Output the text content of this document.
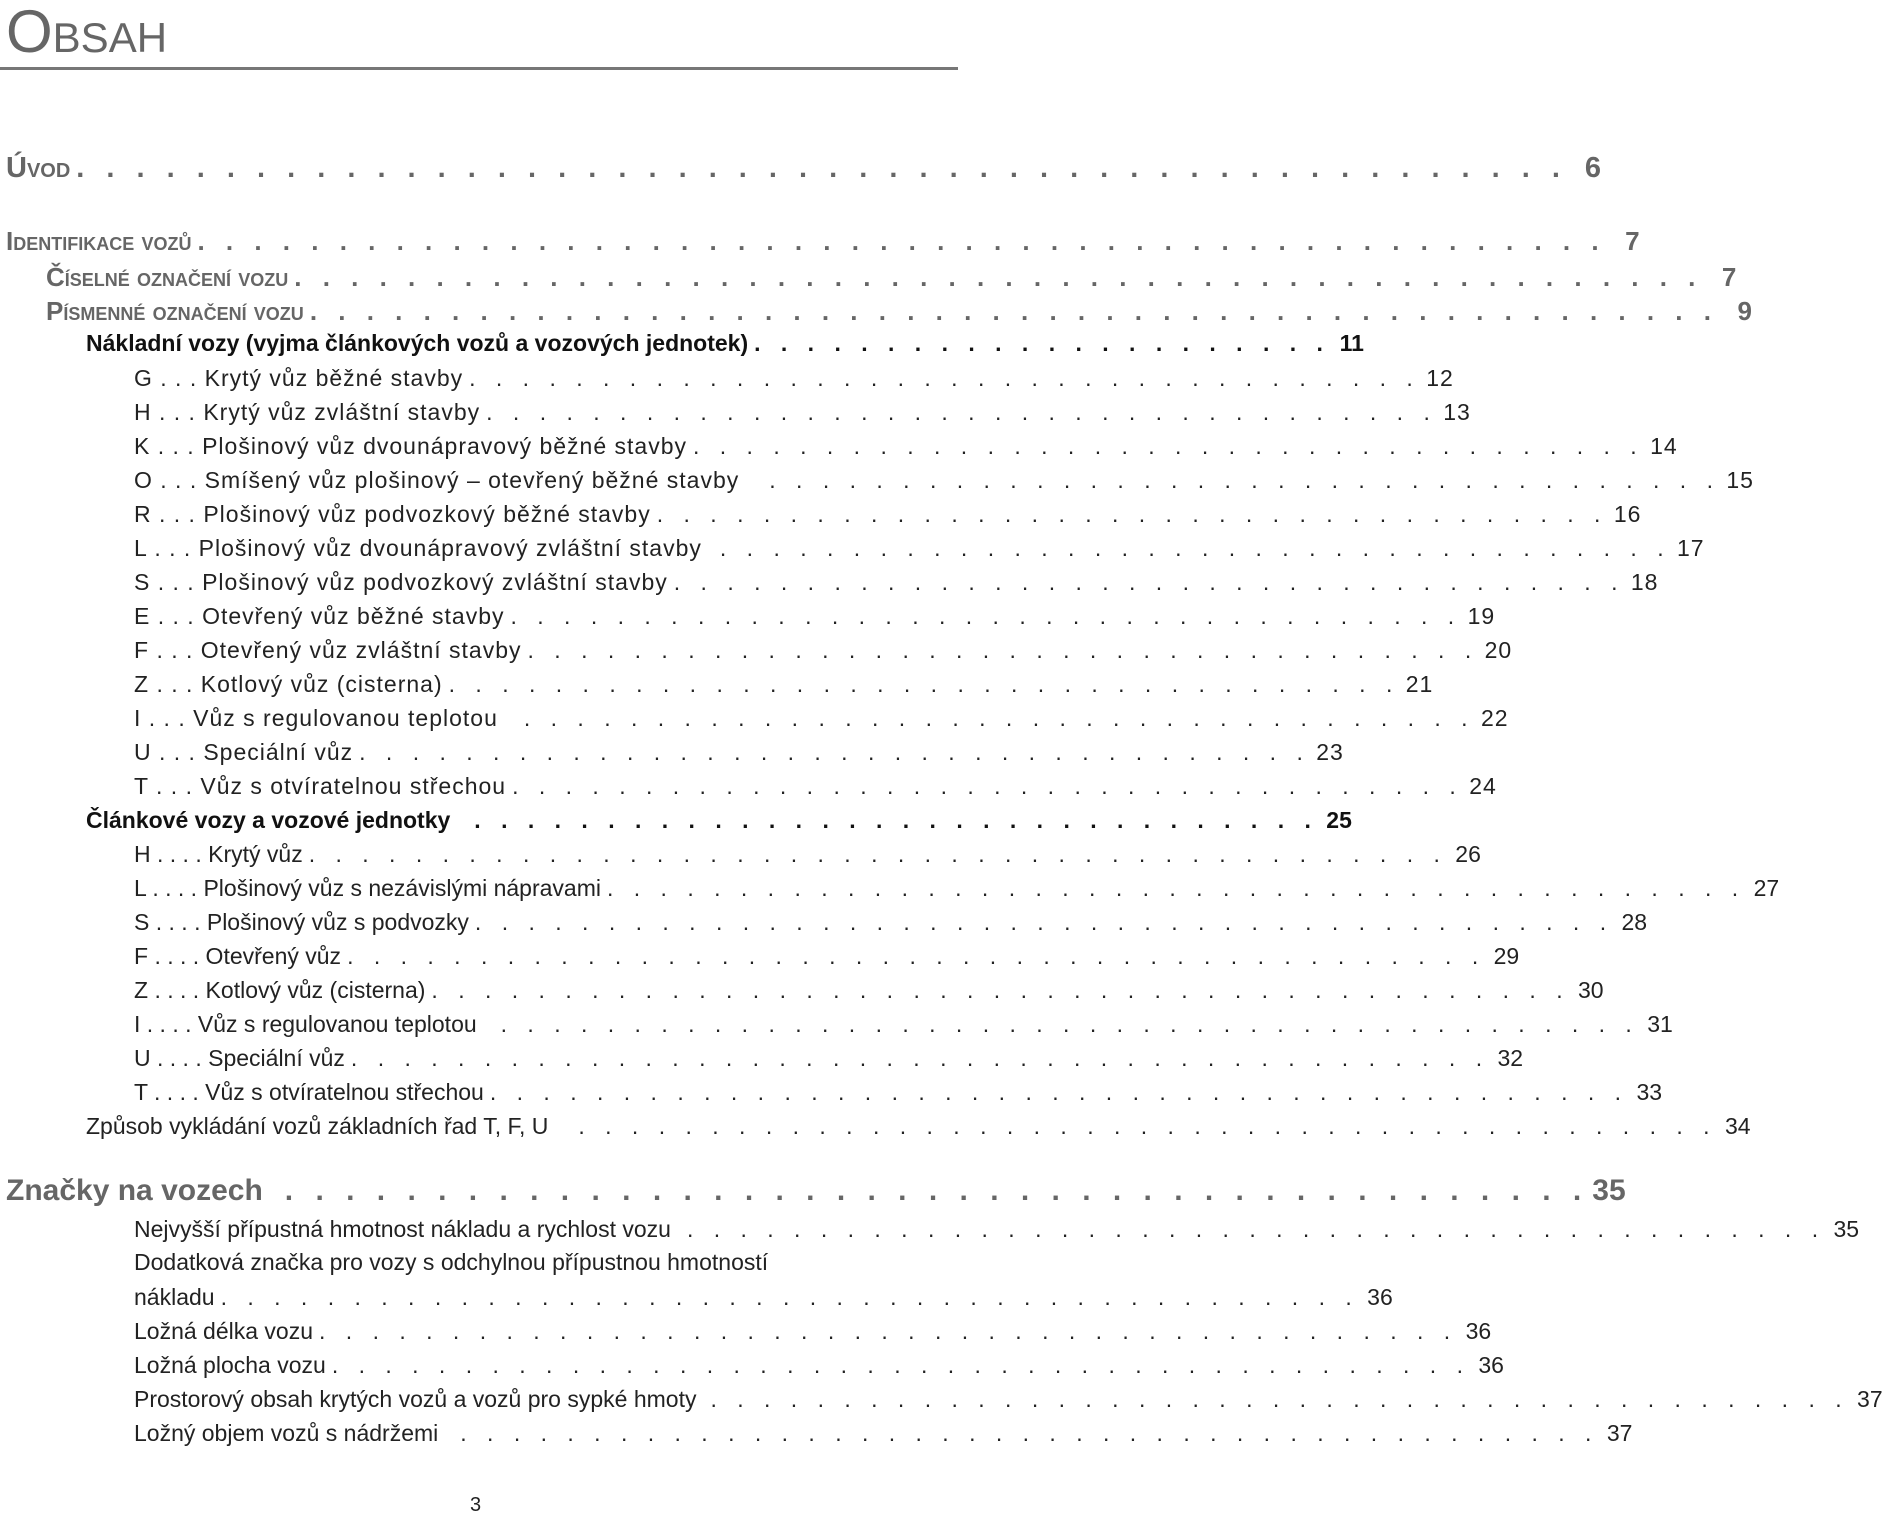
Obsah
Úvod . . . . . . . . . . . . . . . . . . . . . . . . . . . . . . . . . . . . . . . . . . . . . . . . . . 6
Identifikace vozů . . . . . . . . . . . . . . . . . . . . . . . . . . . . . . . . . . . . . . . . . . . . . . . . . . 7
Číselné označení vozu . . . . . . . . . . . . . . . . . . . . . . . . . . . . . . . . . . . . . . . . . . . . . . . . . . 7
Písmenné označení vozu . . . . . . . . . . . . . . . . . . . . . . . . . . . . . . . . . . . . . . . . . . . . . . . . . . 9
Nákladní vozy (vyjma článkových vozů a vozových jednotek) . . . . . . . . . . . . . . . . . . . . . . 11
G . . . Krytý vůz běžné stavby . . . . . . . . . . . . . . . . . . . . . . . . . . . . . . . . . . . . 12
H . . . Krytý vůz zvláštní stavby . . . . . . . . . . . . . . . . . . . . . . . . . . . . . . . . . . . . 13
K . . . Plošinový vůz dvounápravový běžné stavby . . . . . . . . . . . . . . . . . . . . . . . . . . . . . . . . . . . . 14
O . . . Smíšený vůz plošinový – otevřený běžné stavby	. . . . . . . . . . . . . . . . . . . . . . . . . . . . . . . . . . . . 15
R . . . Plošinový vůz podvozkový běžné stavby . . . . . . . . . . . . . . . . . . . . . . . . . . . . . . . . . . . . 16
L . . . Plošinový vůz dvounápravový zvláštní stavby . . . . . . . . . . . . . . . . . . . . . . . . . . . . . . . . . . . . 17
S . . . Plošinový vůz podvozkový zvláštní stavby . . . . . . . . . . . . . . . . . . . . . . . . . . . . . . . . . . . . 18
E . . . Otevřený vůz běžné stavby . . . . . . . . . . . . . . . . . . . . . . . . . . . . . . . . . . . . 19
F . . . Otevřený vůz zvláštní stavby . . . . . . . . . . . . . . . . . . . . . . . . . . . . . . . . . . . . 20
Z . . . Kotlový vůz (cisterna) . . . . . . . . . . . . . . . . . . . . . . . . . . . . . . . . . . . . 21
I . . . Vůz s regulovanou teplotou	. . . . . . . . . . . . . . . . . . . . . . . . . . . . . . . . . . . . 22
U . . . Speciální vůz . . . . . . . . . . . . . . . . . . . . . . . . . . . . . . . . . . . . 23
T . . . Vůz s otvíratelnou střechou . . . . . . . . . . . . . . . . . . . . . . . . . . . . . . . . . . . . 24
Článkové vozy a vozové jednotky	. . . . . . . . . . . . . . . . . . . . . . . . . . . . . . . . 25
H . . . . Krytý vůz . . . . . . . . . . . . . . . . . . . . . . . . . . . . . . . . . . . . . . . . . . . 26
L . . . . Plošinový vůz s nezávislými nápravami . . . . . . . . . . . . . . . . . . . . . . . . . . . . . . . . . . . . . . . . . . . 27
S . . . . Plošinový vůz s podvozky . . . . . . . . . . . . . . . . . . . . . . . . . . . . . . . . . . . . . . . . . . . 28
F . . . . Otevřený vůz . . . . . . . . . . . . . . . . . . . . . . . . . . . . . . . . . . . . . . . . . . . 29
Z . . . . Kotlový vůz (cisterna) . . . . . . . . . . . . . . . . . . . . . . . . . . . . . . . . . . . . . . . . . . . 30
I . . . . Vůz s regulovanou teplotou	. . . . . . . . . . . . . . . . . . . . . . . . . . . . . . . . . . . . . . . . . . . 31
U . . . . Speciální vůz . . . . . . . . . . . . . . . . . . . . . . . . . . . . . . . . . . . . . . . . . . . 32
T . . . . Vůz s otvíratelnou střechou . . . . . . . . . . . . . . . . . . . . . . . . . . . . . . . . . . . . . . . . . . . 33
Způsob vykládání vozů základních řad T, F, U	. . . . . . . . . . . . . . . . . . . . . . . . . . . . . . . . . . . . . . . . . . . 34
Značky na vozech . . . . . . . . . . . . . . . . . . . . . . . . . . . . . . . . . . . . . . . . . . . 35
Nejvyšší přípustná hmotnost nákladu a rychlost vozu . . . . . . . . . . . . . . . . . . . . . . . . . . . . . . . . . . . . . . . . . . . 35
Dodatková značka pro vozy s odchylnou přípustnou hmotností
nákladu . . . . . . . . . . . . . . . . . . . . . . . . . . . . . . . . . . . . . . . . . . . 36
Ložná délka vozu . . . . . . . . . . . . . . . . . . . . . . . . . . . . . . . . . . . . . . . . . . . 36
Ložná plocha vozu . . . . . . . . . . . . . . . . . . . . . . . . . . . . . . . . . . . . . . . . . . . 36
Prostorový obsah krytých vozů a vozů pro sypké hmoty . . . . . . . . . . . . . . . . . . . . . . . . . . . . . . . . . . . . . . . . . . . 37
Ložný objem vozů s nádržemi . . . . . . . . . . . . . . . . . . . . . . . . . . . . . . . . . . . . . . . . . . . 37
3
